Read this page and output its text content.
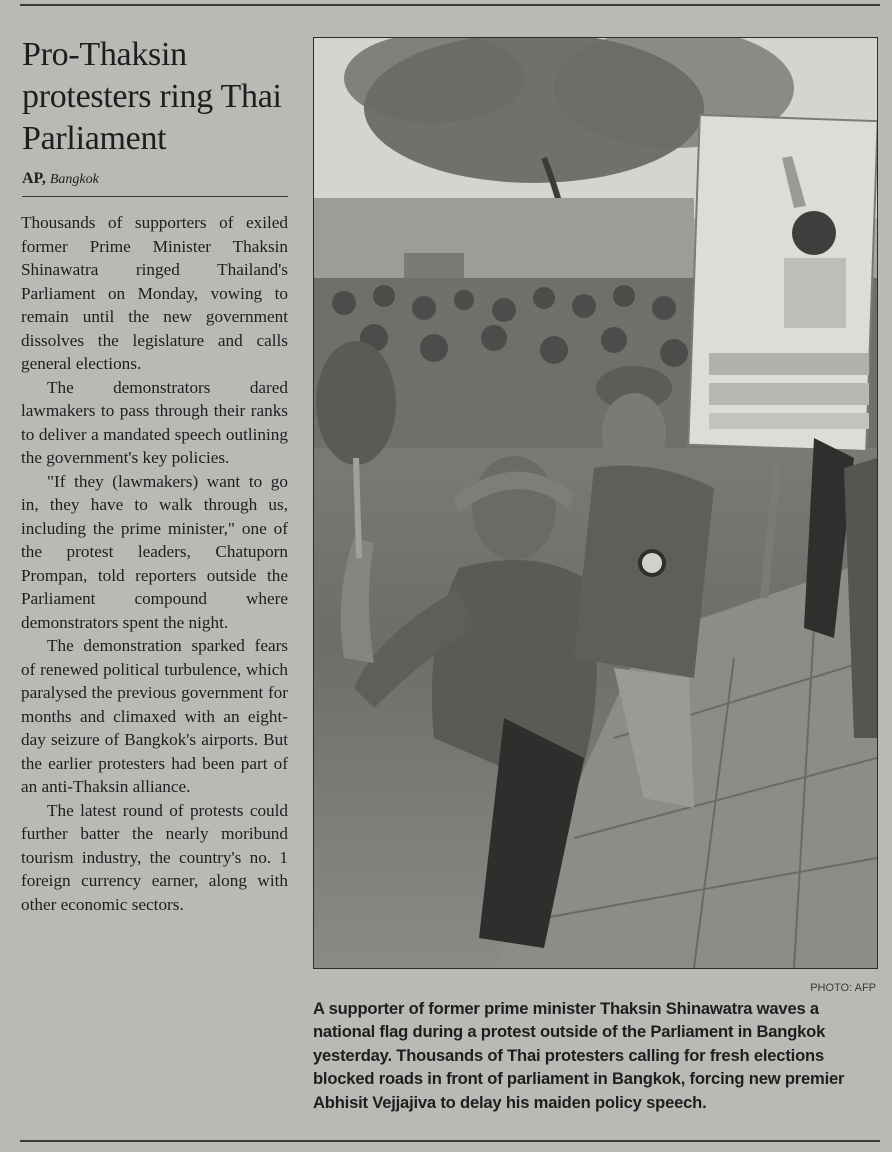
Pro-Thaksin protesters ring Thai Parliament
AP, Bangkok

Thousands of supporters of exiled former Prime Minister Thaksin Shinawatra ringed Thailand's Parliament on Monday, vowing to remain until the new government dissolves the legislature and calls general elections.

The demonstrators dared lawmakers to pass through their ranks to deliver a mandated speech outlining the government's key policies.

"If they (lawmakers) want to go in, they have to walk through us, including the prime minister," one of the protest leaders, Chatuporn Prompan, told reporters outside the Parliament compound where demonstrators spent the night.

The demonstration sparked fears of renewed political turbulence, which paralysed the previous government for months and climaxed with an eight-day seizure of Bangkok's airports. But the earlier protesters had been part of an anti-Thaksin alliance.

The latest round of protests could further batter the nearly moribund tourism industry, the country's no. 1 foreign currency earner, along with other economic sectors.

PHOTO: AFP
A supporter of former prime minister Thaksin Shinawatra waves a national flag during a protest outside of the Parliament in Bangkok yesterday. Thousands of Thai protesters calling for fresh elections blocked roads in front of parliament in Bangkok, forcing new premier Abhisit Vejjajiva to delay his maiden policy speech.
